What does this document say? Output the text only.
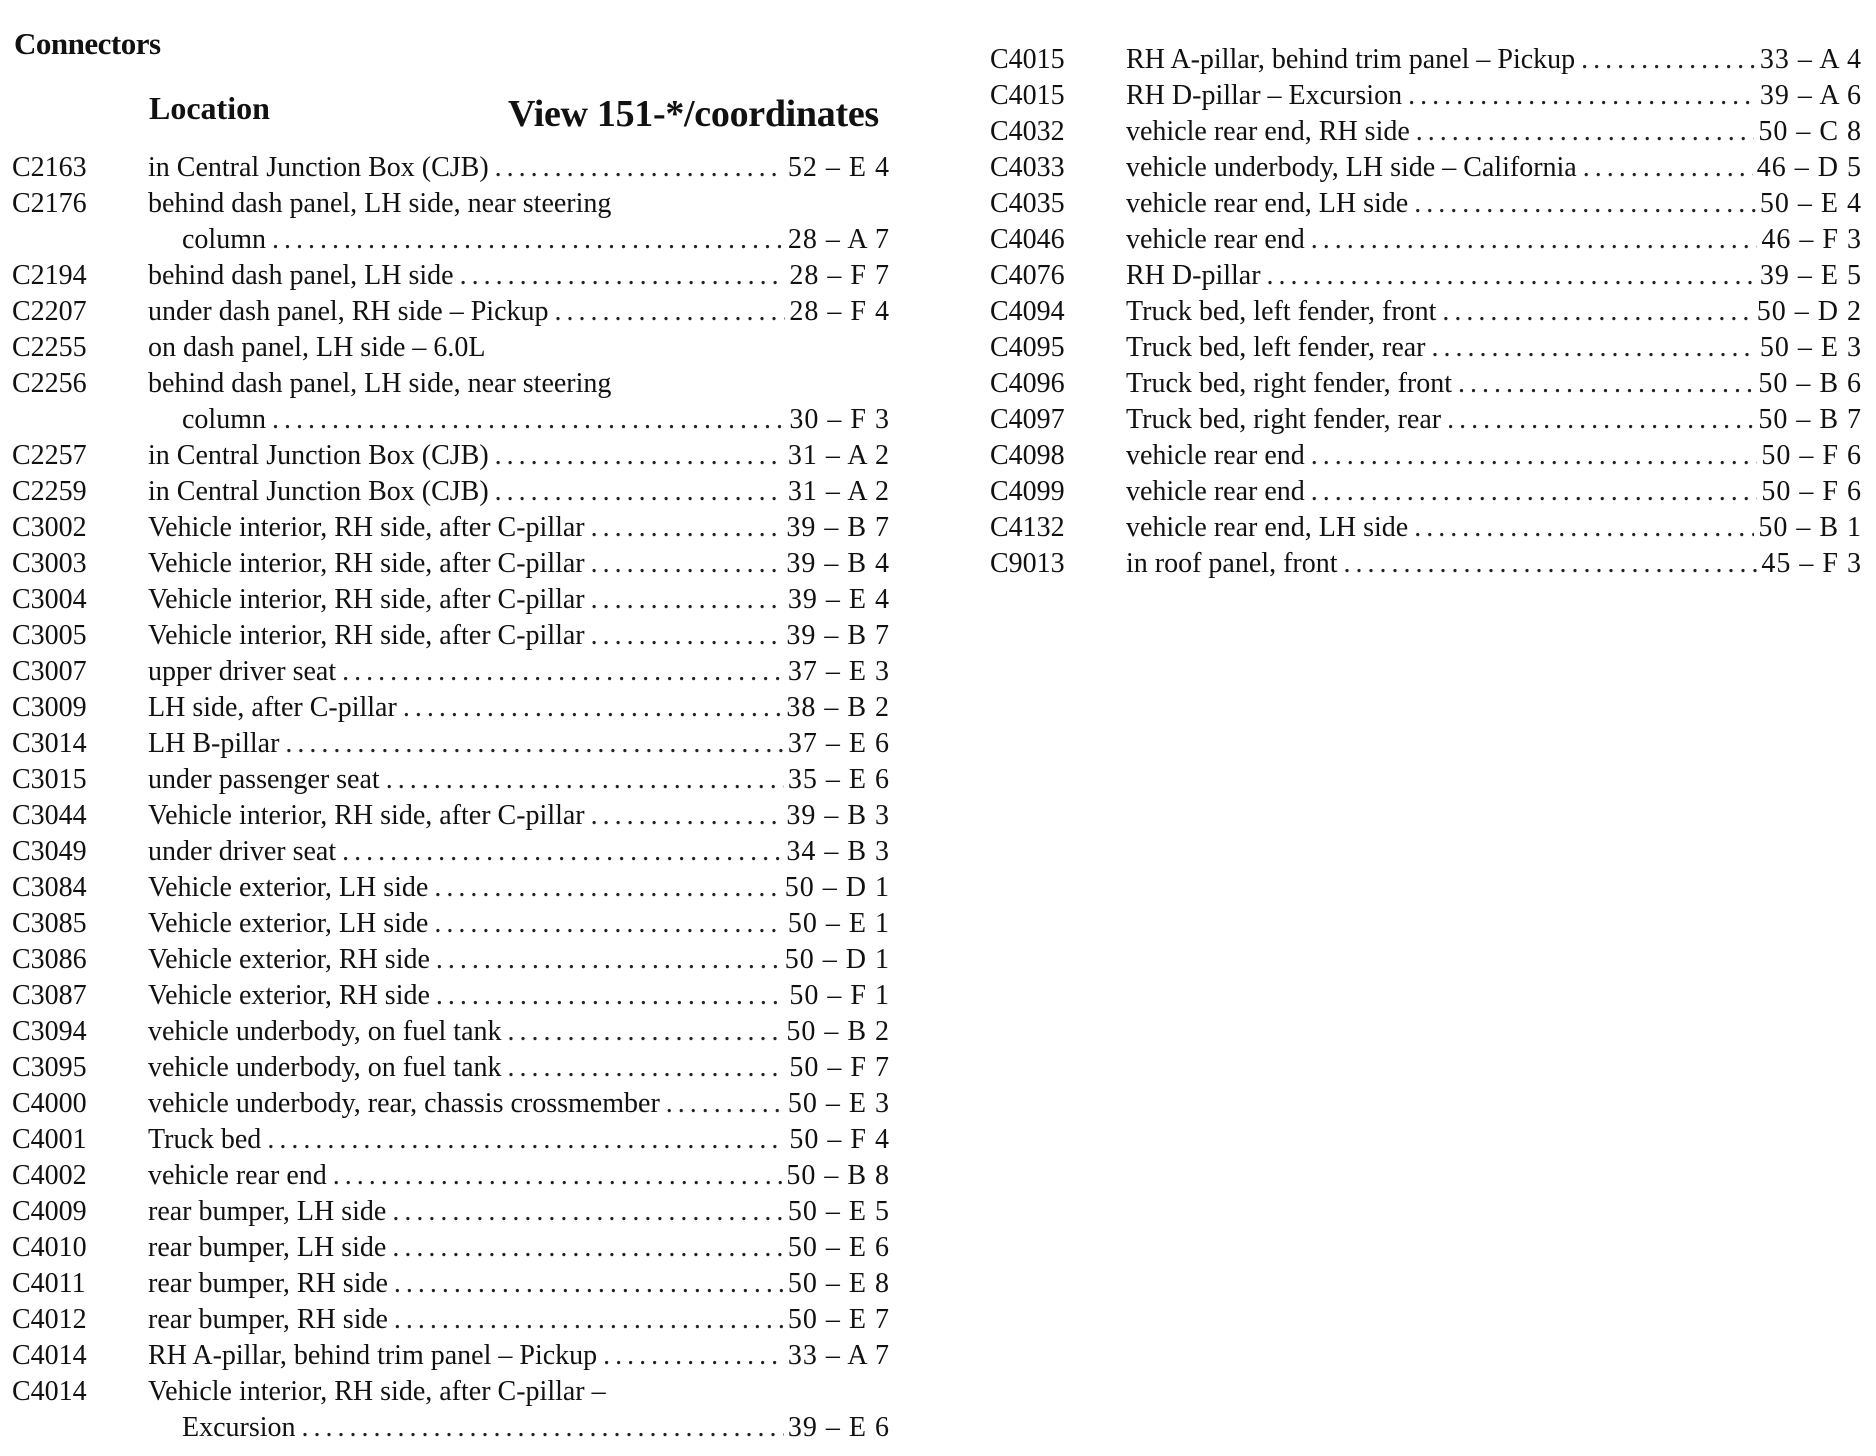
Connectors
Location	View 151-*/coordinates
C2163 in Central Junction Box (CJB) . . .	52 – E 4
C2176 behind dash panel, LH side, near steering
column . . .	28 – A 7
C2194 behind dash panel, LH side . . .	28 – F 7
C2207 under dash panel, RH side – Pickup . . .	28 – F 4
C2255 on dash panel, LH side – 6.0L
C2256 behind dash panel, LH side, near steering
column . . .	30 – F 3
C2257 in Central Junction Box (CJB) . . .	31 – A 2
C2259 in Central Junction Box (CJB) . . .	31 – A 2
C3002 Vehicle interior, RH side, after C-pillar . . .	39 – B 7
C3003 Vehicle interior, RH side, after C-pillar . . .	39 – B 4
C3004 Vehicle interior, RH side, after C-pillar . . .	39 – E 4
C3005 Vehicle interior, RH side, after C-pillar . . .	39 – B 7
C3007 upper driver seat . . .	37 – E 3
C3009 LH side, after C-pillar . . .	38 – B 2
C3014 LH B-pillar . . .	37 – E 6
C3015 under passenger seat . . .	35 – E 6
C3044 Vehicle interior, RH side, after C-pillar . . .	39 – B 3
C3049 under driver seat . . .	34 – B 3
C3084 Vehicle exterior, LH side . . .	50 – D 1
C3085 Vehicle exterior, LH side . . .	50 – E 1
C3086 Vehicle exterior, RH side . . .	50 – D 1
C3087 Vehicle exterior, RH side . . .	50 – F 1
C3094 vehicle underbody, on fuel tank . . .	50 – B 2
C3095 vehicle underbody, on fuel tank . . .	50 – F 7
C4000 vehicle underbody, rear, chassis crossmember . . .	50 – E 3
C4001 Truck bed . . .	50 – F 4
C4002 vehicle rear end . . .	50 – B 8
C4009 rear bumper, LH side . . .	50 – E 5
C4010 rear bumper, LH side . . .	50 – E 6
C4011 rear bumper, RH side . . .	50 – E 8
C4012 rear bumper, RH side . . .	50 – E 7
C4014 RH A-pillar, behind trim panel – Pickup . . .	33 – A 7
C4014 Vehicle interior, RH side, after C-pillar –
Excursion . . .	39 – E 6
C4015 RH A-pillar, behind trim panel – Pickup . . .	33 – A 4
C4015 RH D-pillar – Excursion . . .	39 – A 6
C4032 vehicle rear end, RH side . . .	50 – C 8
C4033 vehicle underbody, LH side – California . . .	46 – D 5
C4035 vehicle rear end, LH side . . .	50 – E 4
C4046 vehicle rear end . . .	46 – F 3
C4076 RH D-pillar . . .	39 – E 5
C4094 Truck bed, left fender, front . . .	50 – D 2
C4095 Truck bed, left fender, rear . . .	50 – E 3
C4096 Truck bed, right fender, front . . .	50 – B 6
C4097 Truck bed, right fender, rear . . .	50 – B 7
C4098 vehicle rear end . . .	50 – F 6
C4099 vehicle rear end . . .	50 – F 6
C4132 vehicle rear end, LH side . . .	50 – B 1
C9013 in roof panel, front . . .	45 – F 3
